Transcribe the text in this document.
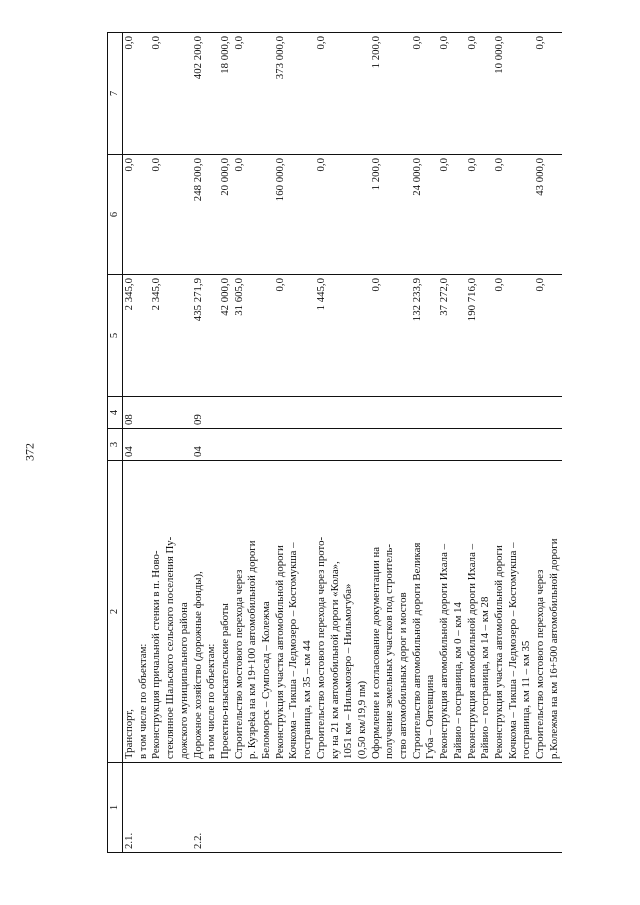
372
1	2	3	4	5	6	7
2.1.	Транспорт,	04	08	2 345,0	0,0	0,0
	в том числе по объектам:					
	Реконструкция причальной стенки в п. Ново-			2 345,0	0,0	0,0
	стеклянное Шальского сельского поселения Пу-					
	дожского муниципального района					
2.2.	Дорожное хозяйство (дорожные фонды),	04	09	435 271,9	248 200,0	402 200,0
	в том числе по объектам:					
	Проектно-изыскательские работы			42 000,0	20 000,0	18 000,0
	Строительство мостового перехода через			31 605,0	0,0	0,0
	р. Кузреka на км 19+100 автомобильной дороги					
	Беломорск – Сумпосад – Колежма					
	Реконструкция участка автомобильной дороги			0,0	160 000,0	373 000,0
	Кочкома – Тикша – Ледмозеро – Костомукша –					
	госграница, км 35 – км 44					
	Строительство мостового перехода через прото-			1 445,0	0,0	0,0
	ку на 21 км автомобильной дороги «Кола»,					
	1051 км – Нильмозеро – Нильмогуба»					
	(0,50 км/19,9 пм)					
	Оформление и согласование документации на			0,0	1 200,0	1 200,0
	получение земельных участков под строитель-					
	ство автомобильных дорог и мостов					
	Строительство автомобильной дороги Великая			132 233,9	24 000,0	0,0
	Губа – Оятевщина					
	Реконструкция автомобильной дороги Ихала –			37 272,0	0,0	0,0
	Райвио – госграница, км 0 – км 14					
	Реконструкция автомобильной дороги Ихала –			190 716,0	0,0	0,0
	Райвио – госграница, км 14 – км 28					
	Реконструкция участка автомобильной дороги			0,0	0,0	10 000,0
	Кочкома – Тикша – Ледмозеро – Костомукша –					
	госграница, км 11 – км 35					
	Строительство мостового перехода через			0,0	43 000,0	0,0
	р.Колежма на км 16+500 автомобильной дороги					
